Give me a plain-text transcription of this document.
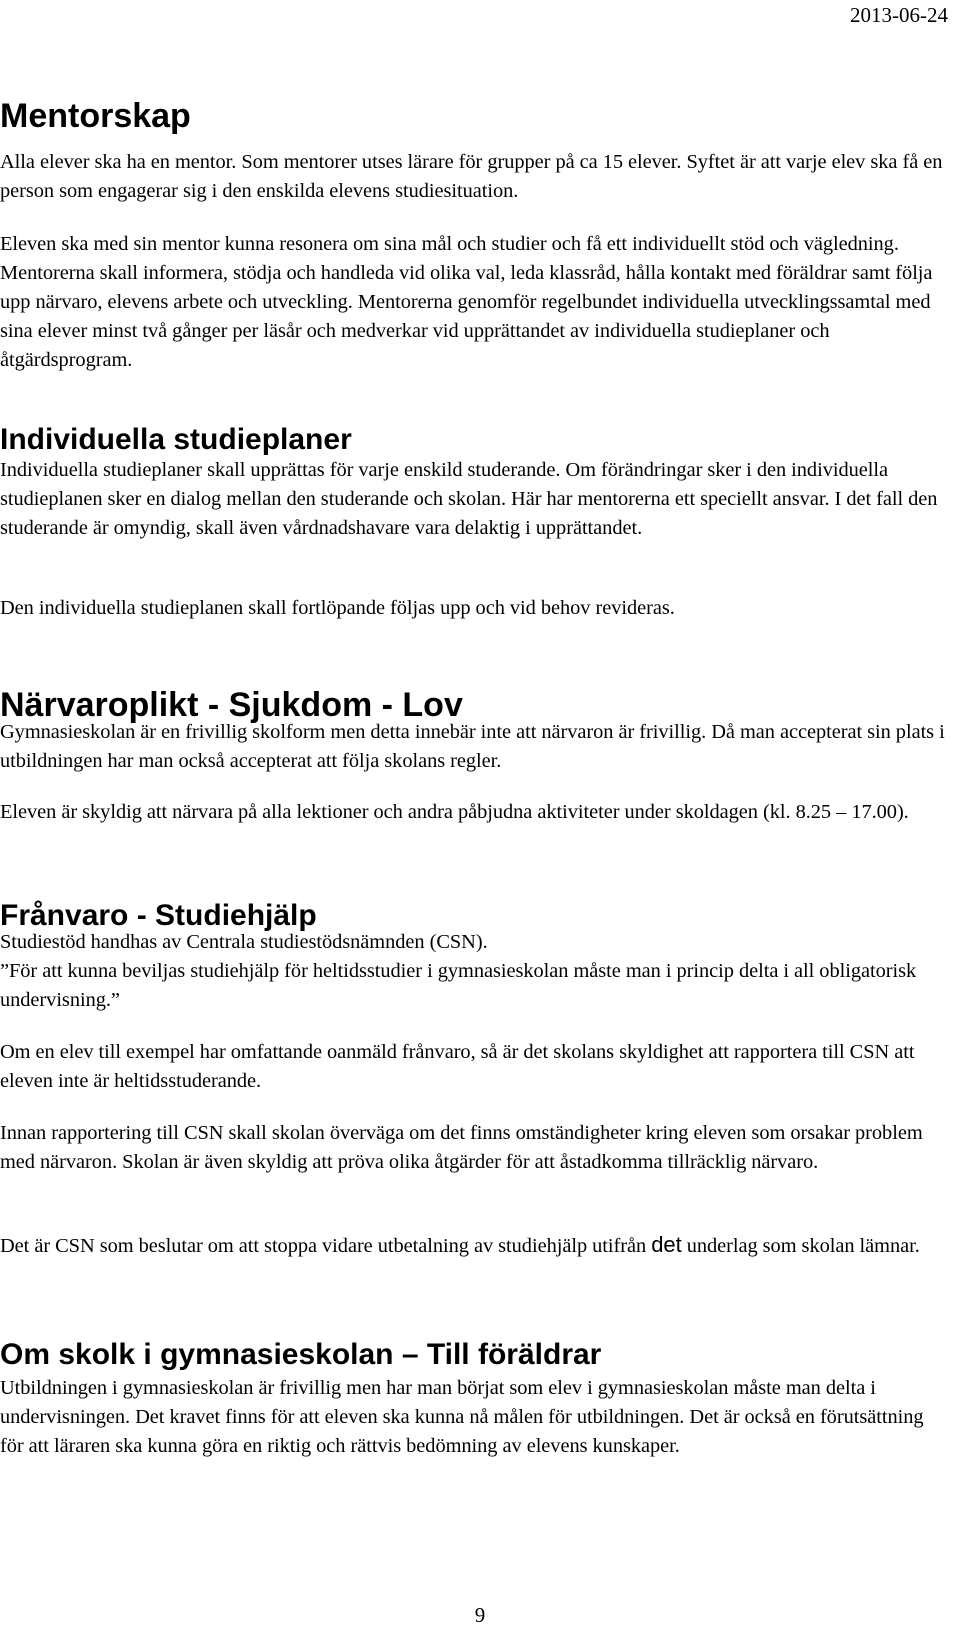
2013-06-24
Mentorskap

Alla elever ska ha en mentor. Som mentorer utses lärare för grupper på ca 15 elever. Syftet är att varje elev ska få en person som engagerar sig i den enskilda elevens studiesituation.

Eleven ska med sin mentor kunna resonera om sina mål och studier och få ett individuellt stöd och vägledning. Mentorerna skall informera, stödja och handleda vid olika val, leda klassråd, hålla kontakt med föräldrar samt följa upp närvaro, elevens arbete och utveckling. Mentorerna genomför regelbundet individuella utvecklingssamtal med sina elever minst två gånger per läsår och medverkar vid upprättandet av individuella studieplaner och åtgärdsprogram.

Individuella studieplaner

Individuella studieplaner skall upprättas för varje enskild studerande. Om förändringar sker i den individuella studieplanen sker en dialog mellan den studerande och skolan. Här har mentorerna ett speciellt ansvar. I det fall den studerande är omyndig, skall även vårdnadshavare vara delaktig i upprättandet.

Den individuella studieplanen skall fortlöpande följas upp och vid behov revideras.

Närvaroplikt - Sjukdom - Lov

Gymnasieskolan är en frivillig skolform men detta innebär inte att närvaron är frivillig. Då man accepterat sin plats i utbildningen har man också accepterat att följa skolans regler.

Eleven är skyldig att närvara på alla lektioner och andra påbjudna aktiviteter under skoldagen (kl. 8.25 – 17.00).

Frånvaro - Studiehjälp

Studiestöd handhas av Centrala studiestödsnämnden (CSN).
”För att kunna beviljas studiehjälp för heltidsstudier i gymnasieskolan måste man i princip delta i all obligatorisk undervisning.”

Om en elev till exempel har omfattande oanmäld frånvaro, så är det skolans skyldighet att rapportera till CSN att eleven inte är heltidsstuderande.

Innan rapportering till CSN skall skolan överväga om det finns omständigheter kring eleven som orsakar problem med närvaron. Skolan är även skyldig att pröva olika åtgärder för att åstadkomma tillräcklig närvaro.

Det är CSN som beslutar om att stoppa vidare utbetalning av studiehjälp utifrån det underlag som skolan lämnar.

Om skolk i gymnasieskolan – Till föräldrar

Utbildningen i gymnasieskolan är frivillig men har man börjat som elev i gymnasieskolan måste man delta i undervisningen. Det kravet finns för att eleven ska kunna nå målen för utbildningen. Det är också en förutsättning för att läraren ska kunna göra en riktig och rättvis bedömning av elevens kunskaper.

9
